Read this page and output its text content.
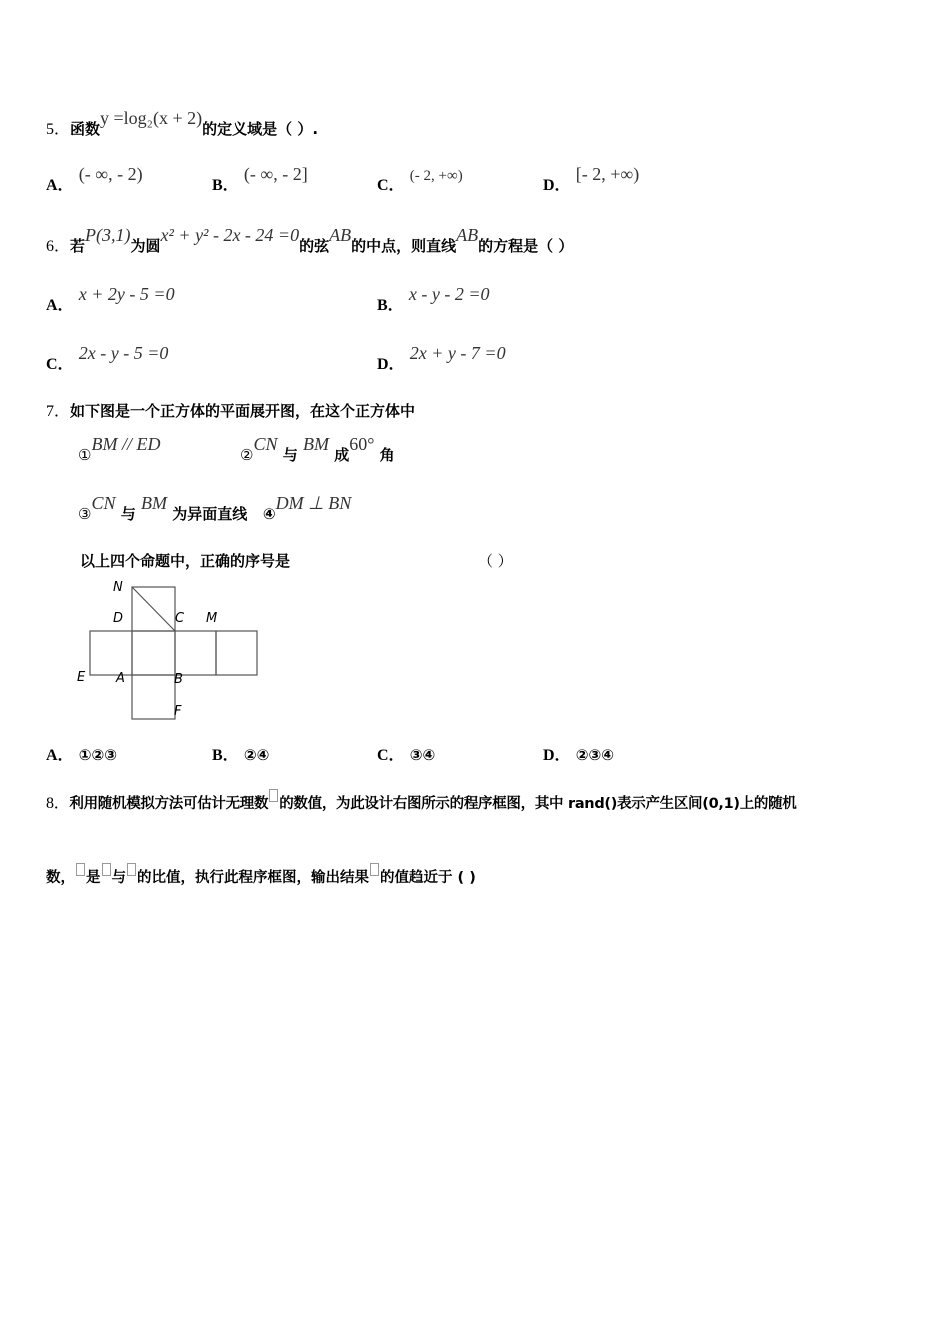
5．函数y =log₂(x + 2)的定义域是（ ）.
A． (- ∞, - 2)
B． (- ∞, - 2]
C． (- 2, +∞)
D． [- 2, +∞)
6．若P(3,1)为圆x² + y² - 2x - 24 =0的弦AB的中点，则直线AB的方程是（ ）
A． x + 2y - 5 =0
B． x - y - 2 =0
C． 2x - y - 5 =0
D． 2x + y - 7 =0
7．如下图是一个正方体的平面展开图，在这个正方体中
①BM // ED
②CN 与 BM 成60° 角
③CN 与 BM 为异面直线 ④DM ⊥ BN
以上四个命题中，正确的序号是	（ ）
N
D	C M
E A	B
F
A． ①②③	B． ②④	C． ③④	D． ②③④
8．利用随机模拟方法可估计无理数 的数值，为此设计右图所示的程序框图，其中 rand()表示产生区间(0,1)上的随机
数， 是 与 的比值，执行此程序框图，输出结果 的值趋近于 ( )
